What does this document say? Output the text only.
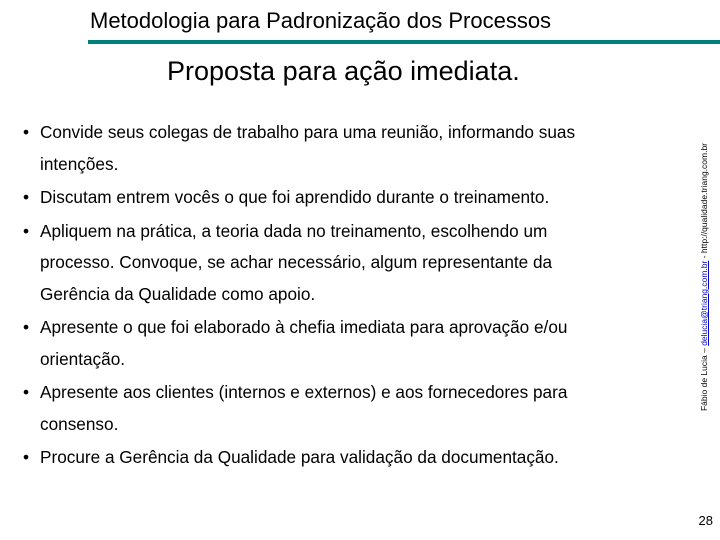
Metodologia para Padronização dos Processos
Proposta para ação imediata.
• Convide seus colegas de trabalho para uma reunião, informando suas
intenções.
• Discutam entrem vocês o que foi aprendido durante o treinamento.
• Apliquem na prática, a teoria dada no treinamento, escolhendo um
processo. Convoque, se achar necessário, algum representante da
Gerência da Qualidade como apoio.
• Apresente o que foi elaborado à chefia imediata para aprovação e/ou
orientação.
• Apresente aos clientes (internos e externos) e aos fornecedores para
consenso.
• Procure a Gerência da Qualidade para validação da documentação.
Fábio de Lucia – delucia@triang.com.br - http://qualidade.triang.com.br
28
